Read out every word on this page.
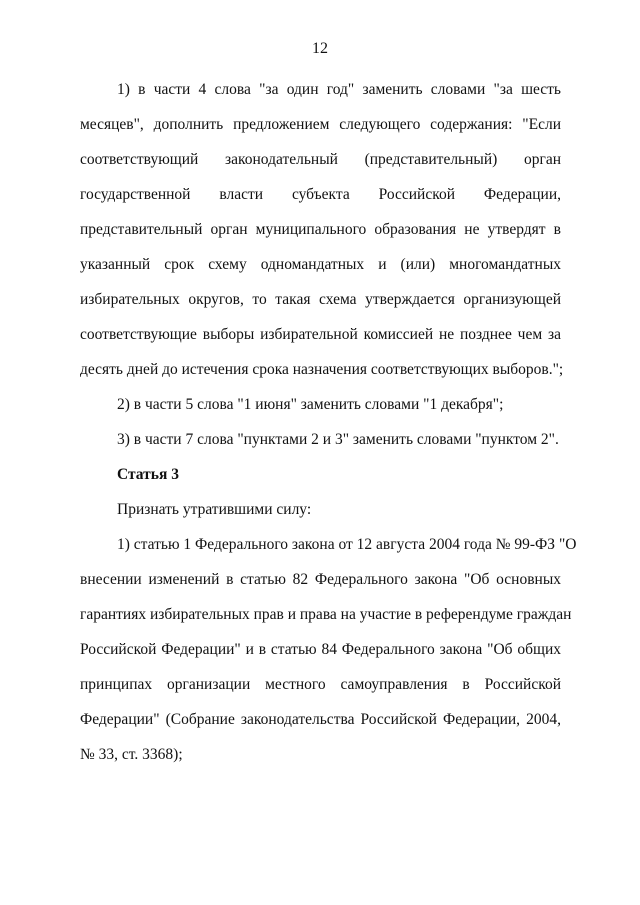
12
1) в части 4 слова "за один год" заменить словами "за шесть
месяцев", дополнить предложением следующего содержания: "Если
соответствующий законодательный (представительный) орган
государственной власти субъекта Российской Федерации,
представительный орган муниципального образования не утвердят в
указанный срок схему одномандатных и (или) многомандатных
избирательных округов, то такая схема утверждается организующей
соответствующие выборы избирательной комиссией не позднее чем за
десять дней до истечения срока назначения соответствующих выборов.";
2) в части 5 слова "1 июня" заменить словами "1 декабря";
3) в части 7 слова "пунктами 2 и 3" заменить словами "пунктом 2".
Статья 3
Признать утратившими силу:
1) статью 1 Федерального закона от 12 августа 2004 года № 99-ФЗ "О
внесении изменений в статью 82 Федерального закона "Об основных
гарантиях избирательных прав и права на участие в референдуме граждан
Российской Федерации" и в статью 84 Федерального закона "Об общих
принципах организации местного самоуправления в Российской
Федерации" (Собрание законодательства Российской Федерации, 2004,
№ 33, ст. 3368);
